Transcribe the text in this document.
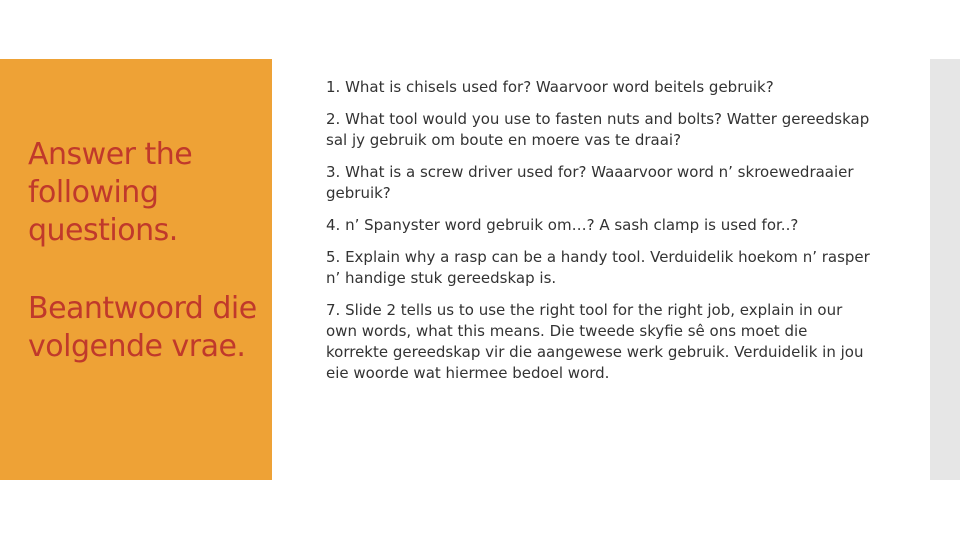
Answer the following questions.
Beantwoord die volgende vrae.
1. What is chisels used for? Waarvoor word beitels gebruik?
2. What tool would you use to fasten nuts and bolts? Watter gereedskap sal jy gebruik om boute en moere vas te draai?
3. What is a screw driver used for? Waaarvoor word n’ skroewedraaier gebruik?
4. n’ Spanyster word gebruik om…? A sash clamp is used for..?
5. Explain why a rasp can be a handy tool. Verduidelik hoekom n’ rasper n’ handige stuk gereedskap is.
7. Slide 2 tells us to use the right tool for the right job, explain in our own words, what this means. Die tweede skyfie sê ons moet die korrekte gereedskap vir die aangewese werk gebruik. Verduidelik in jou eie woorde wat hiermee bedoel word.
